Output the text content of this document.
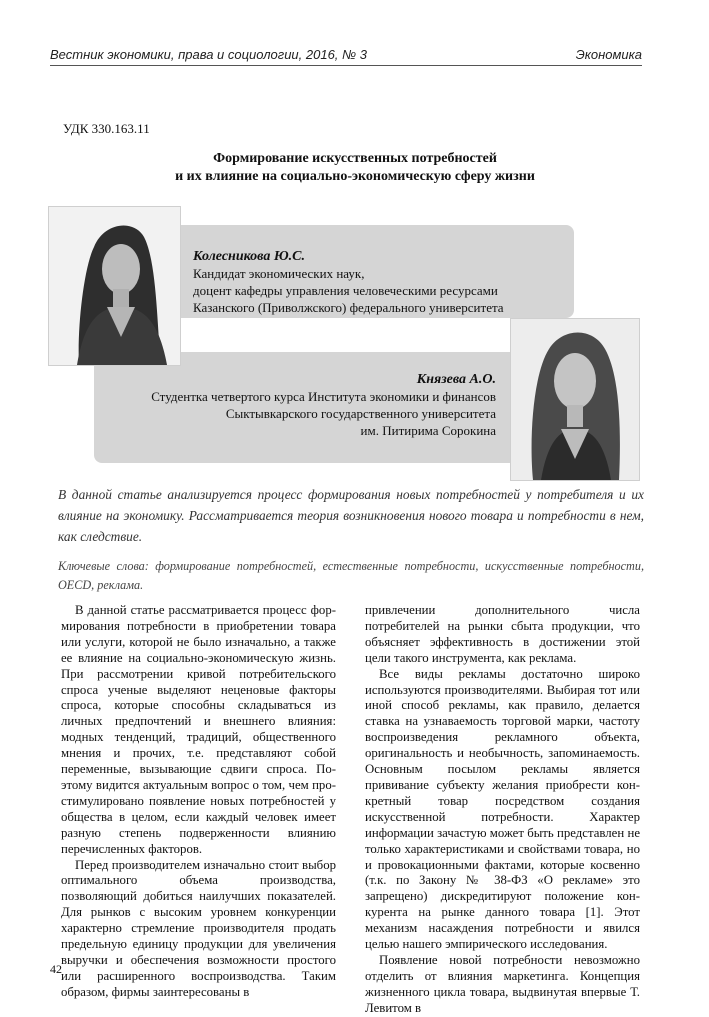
Вестник экономики, права и социологии, 2016, № 3	Экономика
УДК 330.163.11
Формирование искусственных потребностей
и их влияние на социально-экономическую сферу жизни
Колесникова Ю.С.
Кандидат экономических наук,
доцент кафедры управления человеческими ресурсами
Казанского (Приволжского) федерального университета
Князева А.О.
Студентка четвертого курса Института экономики и финансов
Сыктывкарского государственного университета
им. Питирима Сорокина
В данной статье анализируется процесс формирования новых потребностей у потребителя и их влияние на экономику. Рассматривается теория возникновения нового товара и потребности в нем, как следствие.
Ключевые слова: формирование потребностей, естественные потребности, искусственные потребности, OECD, реклама.

В данной статье рассматривается процесс формирования потребности в приобретении товара или услуги, которой не было изначально, а также ее влияние на социально-экономическую жизнь. При рассмотрении кривой потребительского спроса ученые выделяют неценовые факторы спроса, которые способны складываться из личных предпочтений и внешнего влияния: модных тенденций, традиций, общественного мнения и прочих, т.е. представляют собой переменные, вызывающие сдвиги спроса. Поэтому видится актуальным вопрос о том, чем простимулировано появление новых потребностей у общества в целом, если каждый человек имеет разную степень подверженности влиянию перечисленных факторов.

Перед производителем изначально стоит выбор оптимального объема производства, позволяющий добиться наилучших показателей. Для рынков с высоким уровнем конкуренции характерно стремление производителя продать предельную единицу продукции для увеличения выручки и обеспечения возможности простого или расширенного воспроизводства. Таким образом, фирмы заинтересованы в

привлечении дополнительного числа потребителей на рынки сбыта продукции, что объясняет эффективность в достижении этой цели такого инструмента, как реклама.

Все виды рекламы достаточно широко используются производителями. Выбирая тот или иной способ рекламы, как правило, делается ставка на узнаваемость торговой марки, частоту воспроизведения рекламного объекта, оригинальность и необычность, запоминаемость. Основным посылом рекламы является прививание субъекту желания приобрести конкретный товар посредством создания искусственной потребности. Характер информации зачастую может быть представлен не только характеристиками и свойствами товара, но и провокационными фактами, которые косвенно (т.к. по Закону № 38-ФЗ «О рекламе» это запрещено) дискредитируют положение конкурента на рынке данного товара [1]. Этот механизм насаждения потребности и явился целью нашего эмпирического исследования.

Появление новой потребности невозможно отделить от влияния маркетинга. Концепция жизненного цикла товара, выдвинутая впервые Т. Левитом в

42
